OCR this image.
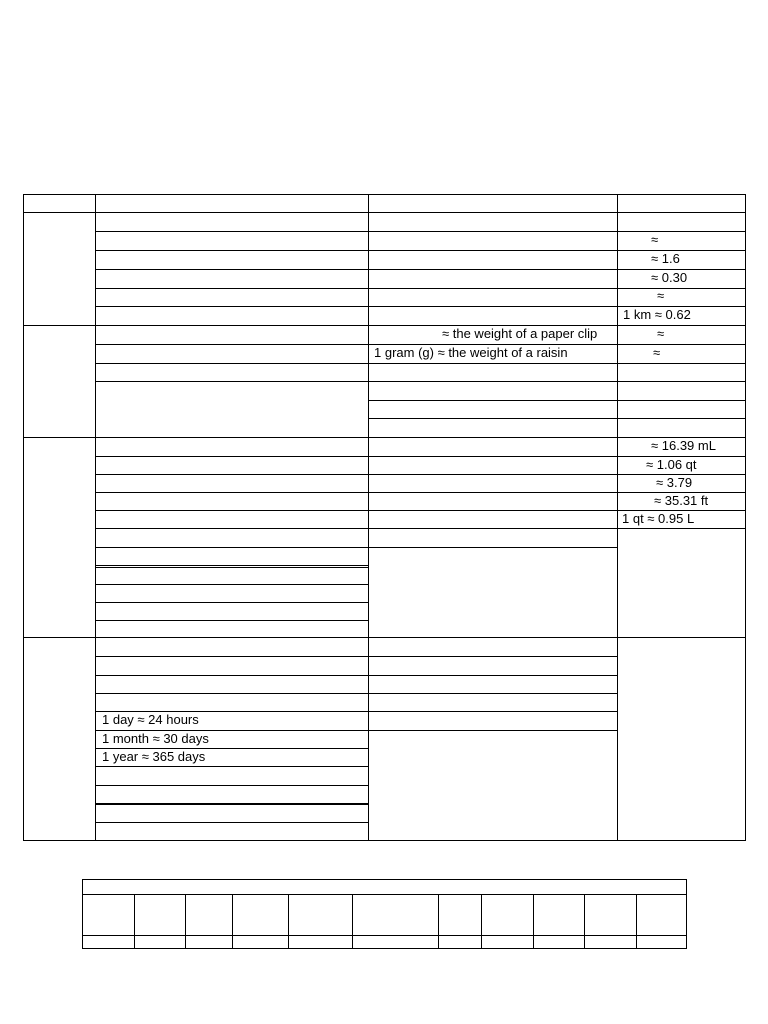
≈
≈ 1.6
≈ 0.30
≈
1 km ≈ 0.62
≈ the weight of a paper clip
1 gram (g) ≈ the weight of a raisin
≈
≈
≈ 16.39 mL
≈ 1.06 qt
≈ 3.79
≈ 35.31 ft
1 qt ≈ 0.95 L
1 day ≈ 24 hours
1 month ≈ 30 days
1 year ≈ 365 days
